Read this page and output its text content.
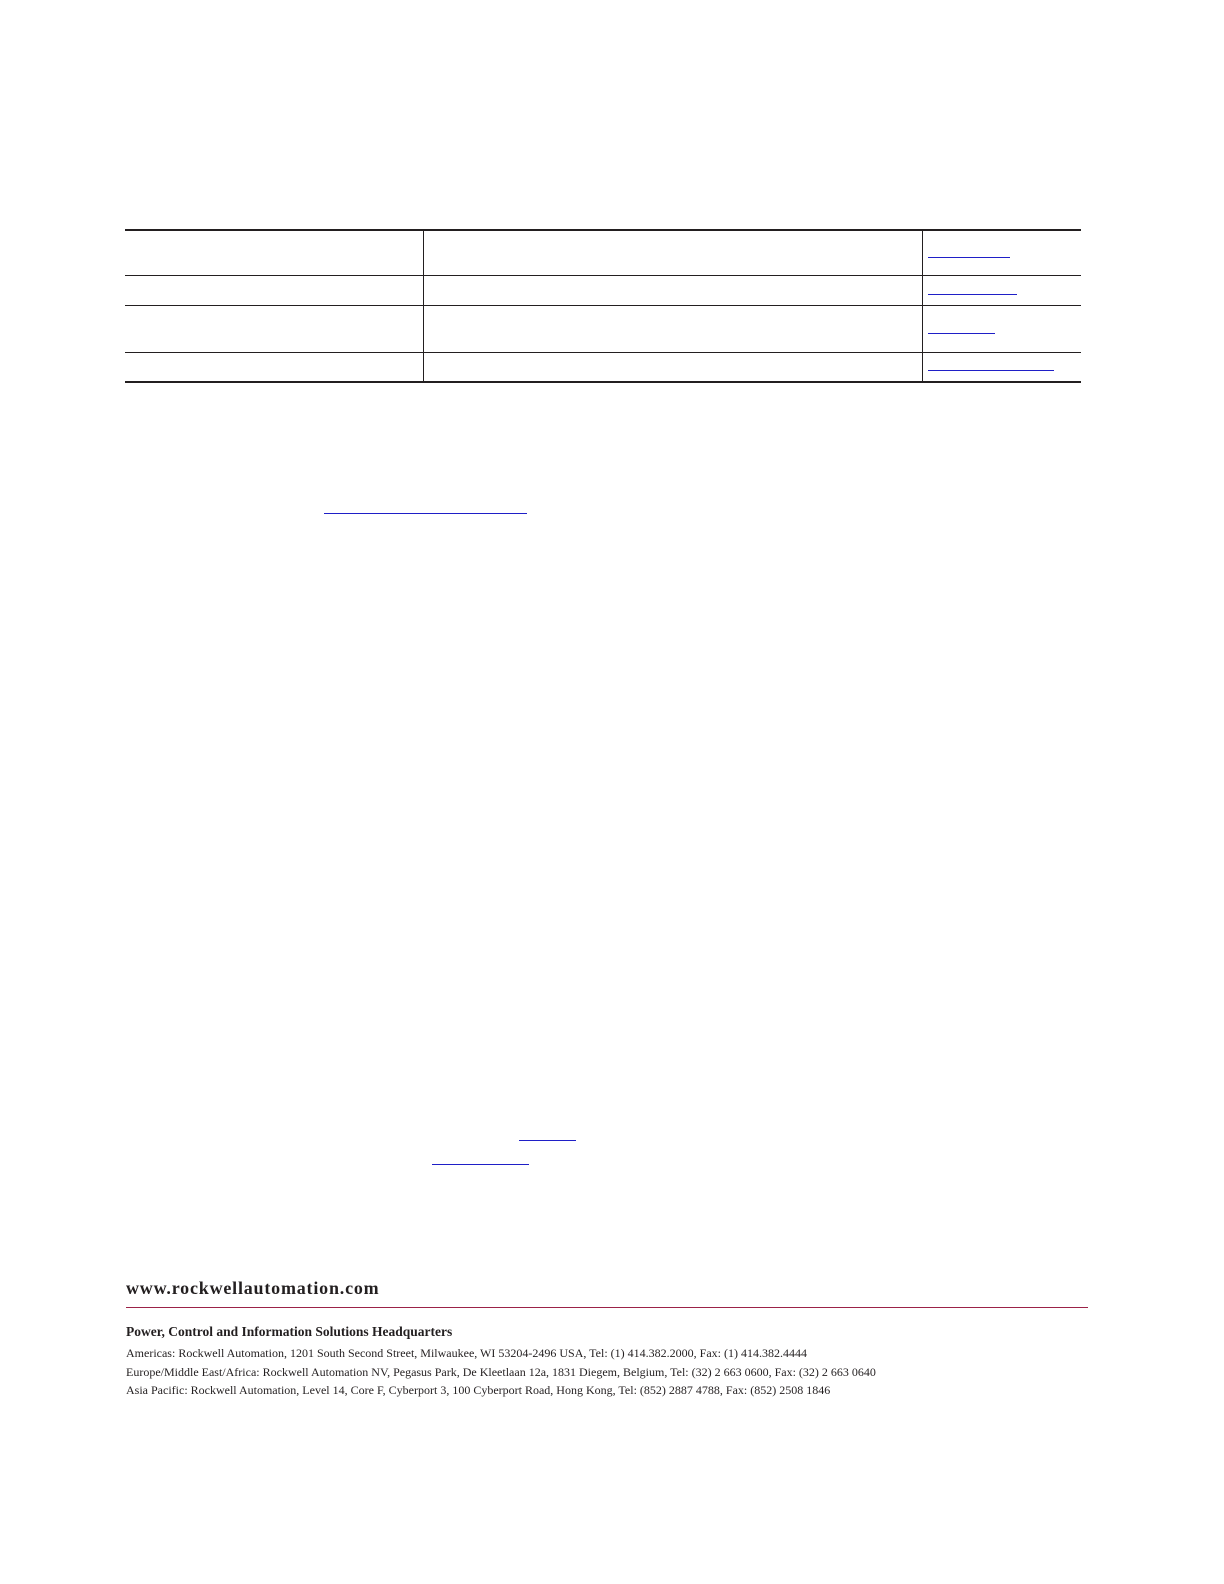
www.rockwellautomation.com
Power, Control and Information Solutions Headquarters
Americas: Rockwell Automation, 1201 South Second Street, Milwaukee, WI 53204-2496 USA, Tel: (1) 414.382.2000, Fax: (1) 414.382.4444
Europe/Middle East/Africa: Rockwell Automation NV, Pegasus Park, De Kleetlaan 12a, 1831 Diegem, Belgium, Tel: (32) 2 663 0600, Fax: (32) 2 663 0640
Asia Pacific: Rockwell Automation, Level 14, Core F, Cyberport 3, 100 Cyberport Road, Hong Kong, Tel: (852) 2887 4788, Fax: (852) 2508 1846
